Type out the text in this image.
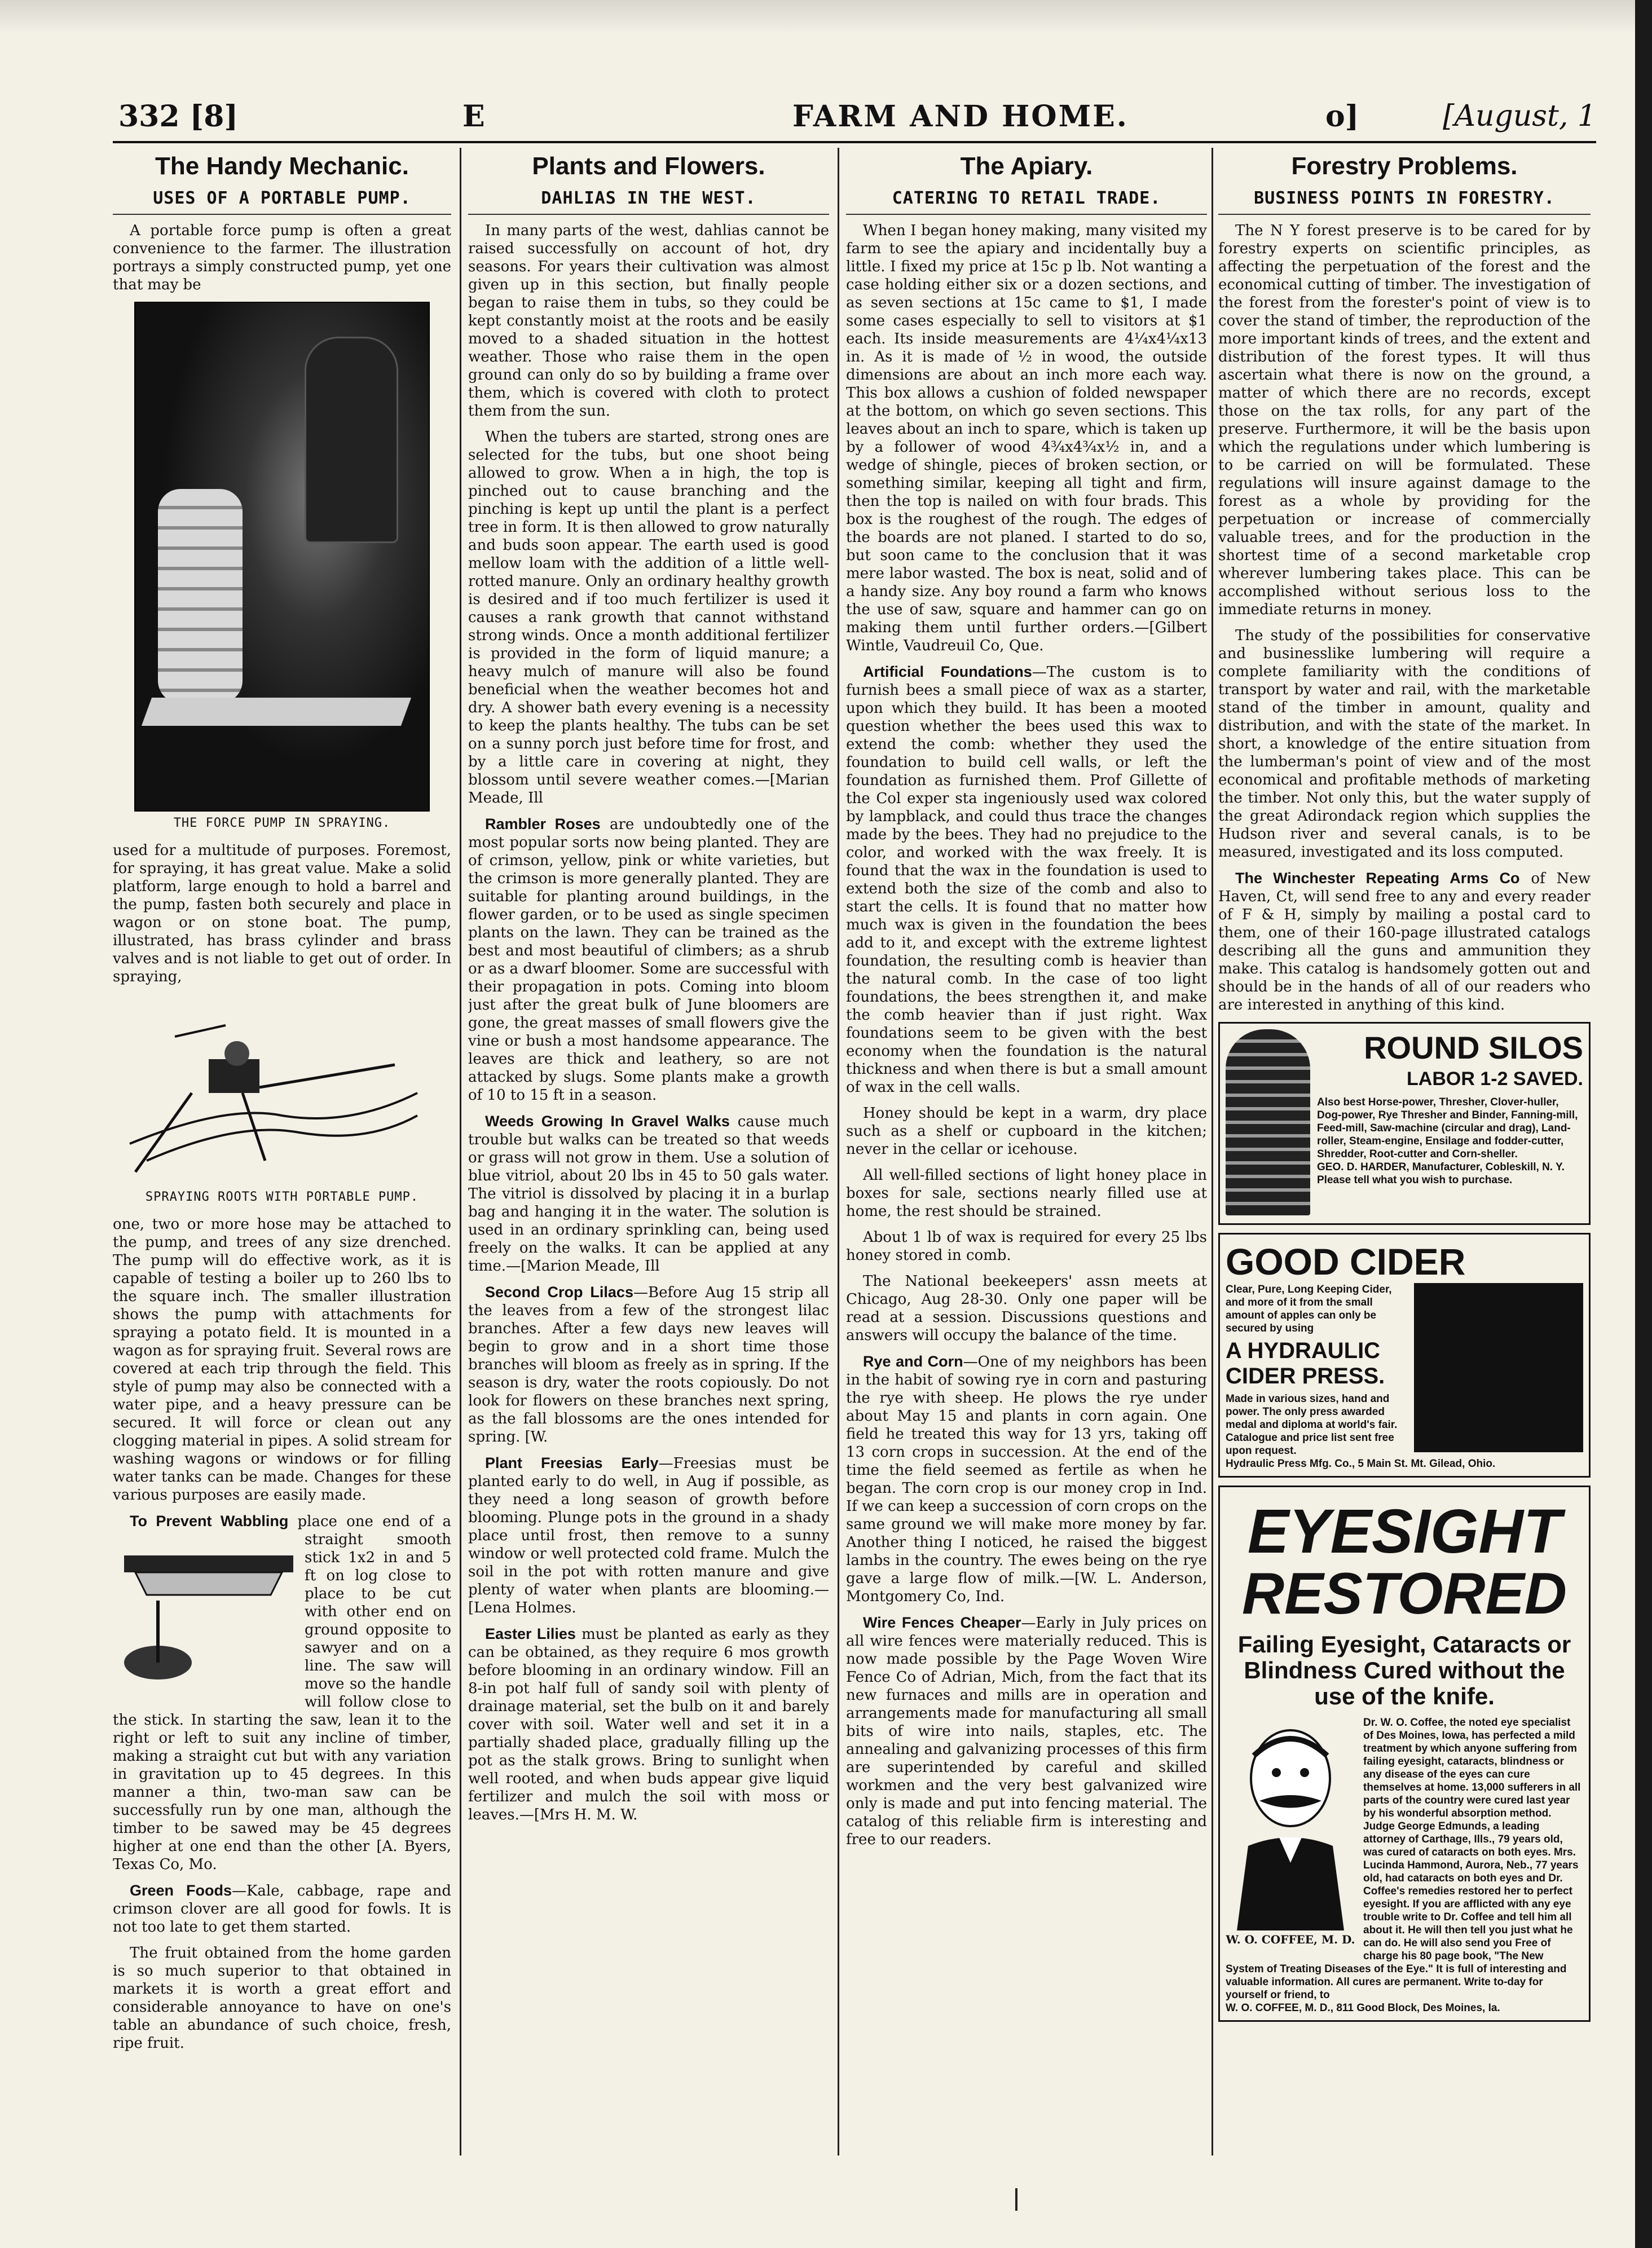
332 [8]	E	FARM AND HOME.	o]	[August, 1
The Handy Mechanic.
USES OF A PORTABLE PUMP.

A portable force pump is often a great convenience to the farmer. The illustration portrays a simply constructed pump, yet one that may be

THE FORCE PUMP IN SPRAYING.

used for a multitude of purposes. Foremost, for spraying, it has great value. Make a solid platform, large enough to hold a barrel and the pump, fasten both securely and place in wagon or on stone boat. The pump, illustrated, has brass cylinder and brass valves and is not liable to get out of order. In spraying,

SPRAYING ROOTS WITH PORTABLE PUMP.

one, two or more hose may be attached to the pump, and trees of any size drenched. The pump will do effective work, as it is capable of testing a boiler up to 260 lbs to the square inch. The smaller illustration shows the pump with attachments for spraying a potato field. It is mounted in a wagon as for spraying fruit. Several rows are covered at each trip through the field. This style of pump may also be connected with a water pipe, and a heavy pressure can be secured. It will force or clean out any clogging material in pipes. A solid stream for washing wagons or windows or for filling water tanks can be made. Changes for these various purposes are easily made.

To Prevent Wabbling place one end of a straight smooth stick 1x2 in and 5 ft on log close to place to be cut with other end on ground opposite to sawyer and on a line. The saw will move so the handle will follow close to the stick. In starting the saw, lean it to the right or left to suit any incline of timber, making a straight cut but with any variation in gravitation up to 45 degrees. In this manner a thin, two-man saw can be successfully run by one man, although the timber to be sawed may be 45 degrees higher at one end than the other [A. Byers, Texas Co, Mo.

Green Foods—Kale, cabbage, rape and crimson clover are all good for fowls. It is not too late to get them started.

The fruit obtained from the home garden is so much superior to that obtained in markets it is worth a great effort and considerable annoyance to have on one's table an abundance of such choice, fresh, ripe fruit.

Plants and Flowers.
DAHLIAS IN THE WEST.

In many parts of the west, dahlias cannot be raised successfully on account of hot, dry seasons. For years their cultivation was almost given up in this section, but finally people began to raise them in tubs, so they could be kept constantly moist at the roots and be easily moved to a shaded situation in the hottest weather. Those who raise them in the open ground can only do so by building a frame over them, which is covered with cloth to protect them from the sun.

When the tubers are started, strong ones are selected for the tubs, but one shoot being allowed to grow. When a in high, the top is pinched out to cause branching and the pinching is kept up until the plant is a perfect tree in form. It is then allowed to grow naturally and buds soon appear. The earth used is good mellow loam with the addition of a little well-rotted manure. Only an ordinary healthy growth is desired and if too much fertilizer is used it causes a rank growth that cannot withstand strong winds. Once a month additional fertilizer is provided in the form of liquid manure; a heavy mulch of manure will also be found beneficial when the weather becomes hot and dry. A shower bath every evening is a necessity to keep the plants healthy. The tubs can be set on a sunny porch just before time for frost, and by a little care in covering at night, they blossom until severe weather comes.—[Marian Meade, Ill

Rambler Roses are undoubtedly one of the most popular sorts now being planted. They are of crimson, yellow, pink or white varieties, but the crimson is more generally planted. They are suitable for planting around buildings, in the flower garden, or to be used as single specimen plants on the lawn. They can be trained as the best and most beautiful of climbers; as a shrub or as a dwarf bloomer. Some are successful with their propagation in pots. Coming into bloom just after the great bulk of June bloomers are gone, the great masses of small flowers give the vine or bush a most handsome appearance. The leaves are thick and leathery, so are not attacked by slugs. Some plants make a growth of 10 to 15 ft in a season.

Weeds Growing In Gravel Walks cause much trouble but walks can be treated so that weeds or grass will not grow in them. Use a solution of blue vitriol, about 20 lbs in 45 to 50 gals water. The vitriol is dissolved by placing it in a burlap bag and hanging it in the water. The solution is used in an ordinary sprinkling can, being used freely on the walks. It can be applied at any time.—[Marion Meade, Ill

Second Crop Lilacs—Before Aug 15 strip all the leaves from a few of the strongest lilac branches. After a few days new leaves will begin to grow and in a short time those branches will bloom as freely as in spring. If the season is dry, water the roots copiously. Do not look for flowers on these branches next spring, as the fall blossoms are the ones intended for spring. [W.

Plant Freesias Early—Freesias must be planted early to do well, in Aug if possible, as they need a long season of growth before blooming. Plunge pots in the ground in a shady place until frost, then remove to a sunny window or well protected cold frame. Mulch the soil in the pot with rotten manure and give plenty of water when plants are blooming.—[Lena Holmes.

Easter Lilies must be planted as early as they can be obtained, as they require 6 mos growth before blooming in an ordinary window. Fill an 8-in pot half full of sandy soil with plenty of drainage material, set the bulb on it and barely cover with soil. Water well and set it in a partially shaded place, gradually filling up the pot as the stalk grows. Bring to sunlight when well rooted, and when buds appear give liquid fertilizer and mulch the soil with moss or leaves.—[Mrs H. M. W.

The Apiary.
CATERING TO RETAIL TRADE.

When I began honey making, many visited my farm to see the apiary and incidentally buy a little. I fixed my price at 15c p lb. Not wanting a case holding either six or a dozen sections, and as seven sections at 15c came to $1, I made some cases especially to sell to visitors at $1 each. Its inside measurements are 4¼x4¼x13 in. As it is made of ½ in wood, the outside dimensions are about an inch more each way. This box allows a cushion of folded newspaper at the bottom, on which go seven sections. This leaves about an inch to spare, which is taken up by a follower of wood 4¾x4¾x½ in, and a wedge of shingle, pieces of broken section, or something similar, keeping all tight and firm, then the top is nailed on with four brads. This box is the roughest of the rough. The edges of the boards are not planed. I started to do so, but soon came to the conclusion that it was mere labor wasted. The box is neat, solid and of a handy size. Any boy round a farm who knows the use of saw, square and hammer can go on making them until further orders.—[Gilbert Wintle, Vaudreuil Co, Que.

Artificial Foundations—The custom is to furnish bees a small piece of wax as a starter, upon which they build. It has been a mooted question whether the bees used this wax to extend the comb: whether they used the foundation to build cell walls, or left the foundation as furnished them. Prof Gillette of the Col exper sta ingeniously used wax colored by lampblack, and could thus trace the changes made by the bees. They had no prejudice to the color, and worked with the wax freely. It is found that the wax in the foundation is used to extend both the size of the comb and also to start the cells. It is found that no matter how much wax is given in the foundation the bees add to it, and except with the extreme lightest foundation, the resulting comb is heavier than the natural comb. In the case of too light foundations, the bees strengthen it, and make the comb heavier than if just right. Wax foundations seem to be given with the best economy when the foundation is the natural thickness and when there is but a small amount of wax in the cell walls.

Honey should be kept in a warm, dry place such as a shelf or cupboard in the kitchen; never in the cellar or icehouse.

All well-filled sections of light honey place in boxes for sale, sections nearly filled use at home, the rest should be strained.

About 1 lb of wax is required for every 25 lbs honey stored in comb.

The National beekeepers' assn meets at Chicago, Aug 28-30. Only one paper will be read at a session. Discussions questions and answers will occupy the balance of the time.

Rye and Corn—One of my neighbors has been in the habit of sowing rye in corn and pasturing the rye with sheep. He plows the rye under about May 15 and plants in corn again. One field he treated this way for 13 yrs, taking off 13 corn crops in succession. At the end of the time the field seemed as fertile as when he began. The corn crop is our money crop in Ind. If we can keep a succession of corn crops on the same ground we will make more money by far. Another thing I noticed, he raised the biggest lambs in the country. The ewes being on the rye gave a large flow of milk.—[W. L. Anderson, Montgomery Co, Ind.

Wire Fences Cheaper—Early in July prices on all wire fences were materially reduced. This is now made possible by the Page Woven Wire Fence Co of Adrian, Mich, from the fact that its new furnaces and mills are in operation and arrangements made for manufacturing all small bits of wire into nails, staples, etc. The annealing and galvanizing processes of this firm are superintended by careful and skilled workmen and the very best galvanized wire only is made and put into fencing material. The catalog of this reliable firm is interesting and free to our readers.

Forestry Problems.
BUSINESS POINTS IN FORESTRY.

The N Y forest preserve is to be cared for by forestry experts on scientific principles, as affecting the perpetuation of the forest and the economical cutting of timber. The investigation of the forest from the forester's point of view is to cover the stand of timber, the reproduction of the more important kinds of trees, and the extent and distribution of the forest types. It will thus ascertain what there is now on the ground, a matter of which there are no records, except those on the tax rolls, for any part of the preserve. Furthermore, it will be the basis upon which the regulations under which lumbering is to be carried on will be formulated. These regulations will insure against damage to the forest as a whole by providing for the perpetuation or increase of commercially valuable trees, and for the production in the shortest time of a second marketable crop wherever lumbering takes place. This can be accomplished without serious loss to the immediate returns in money.

The study of the possibilities for conservative and businesslike lumbering will require a complete familiarity with the conditions of transport by water and rail, with the marketable stand of the timber in amount, quality and distribution, and with the state of the market. In short, a knowledge of the entire situation from the lumberman's point of view and of the most economical and profitable methods of marketing the timber. Not only this, but the water supply of the great Adirondack region which supplies the Hudson river and several canals, is to be measured, investigated and its loss computed.

The Winchester Repeating Arms Co of New Haven, Ct, will send free to any and every reader of F & H, simply by mailing a postal card to them, one of their 160-page illustrated catalogs describing all the guns and ammunition they make. This catalog is handsomely gotten out and should be in the hands of all of our readers who are interested in anything of this kind.

ROUND SILOS
LABOR 1-2 SAVED.
Also best Horse-power, Thresher, Clover-huller, Dog-power, Rye Thresher and Binder, Fanning-mill, Feed-mill, Saw-machine (circular and drag), Land-roller, Steam-engine, Ensilage and fodder-cutter, Shredder, Root-cutter and Corn-sheller.
GEO. D. HARDER, Manufacturer, Cobleskill, N. Y.
Please tell what you wish to purchase.
GOOD CIDER
Clear, Pure, Long Keeping Cider, and more of it from the small amount of apples can only be secured by using
A HYDRAULIC CIDER PRESS.
Made in various sizes, hand and power. The only press awarded medal and diploma at world's fair. Catalogue and price list sent free upon request.
Hydraulic Press Mfg. Co., 5 Main St. Mt. Gilead, Ohio.
EYESIGHT
RESTORED
Failing Eyesight, Cataracts or Blindness Cured without the use of the knife.
W. O. COFFEE, M. D.
Dr. W. O. Coffee, the noted eye specialist of Des Moines, Iowa, has perfected a mild treatment by which anyone suffering from failing eyesight, cataracts, blindness or any disease of the eyes can cure themselves at home. 13,000 sufferers in all parts of the country were cured last year by his wonderful absorption method. Judge George Edmunds, a leading attorney of Carthage, Ills., 79 years old, was cured of cataracts on both eyes. Mrs. Lucinda Hammond, Aurora, Neb., 77 years old, had cataracts on both eyes and Dr. Coffee's remedies restored her to perfect eyesight. If you are afflicted with any eye trouble write to Dr. Coffee and tell him all about it. He will then tell you just what he can do. He will also send you Free of charge his 80 page book, "The New System of Treating Diseases of the Eye." It is full of interesting and valuable information. All cures are permanent. Write to-day for yourself or friend, to
W. O. COFFEE, M. D., 811 Good Block, Des Moines, Ia.
